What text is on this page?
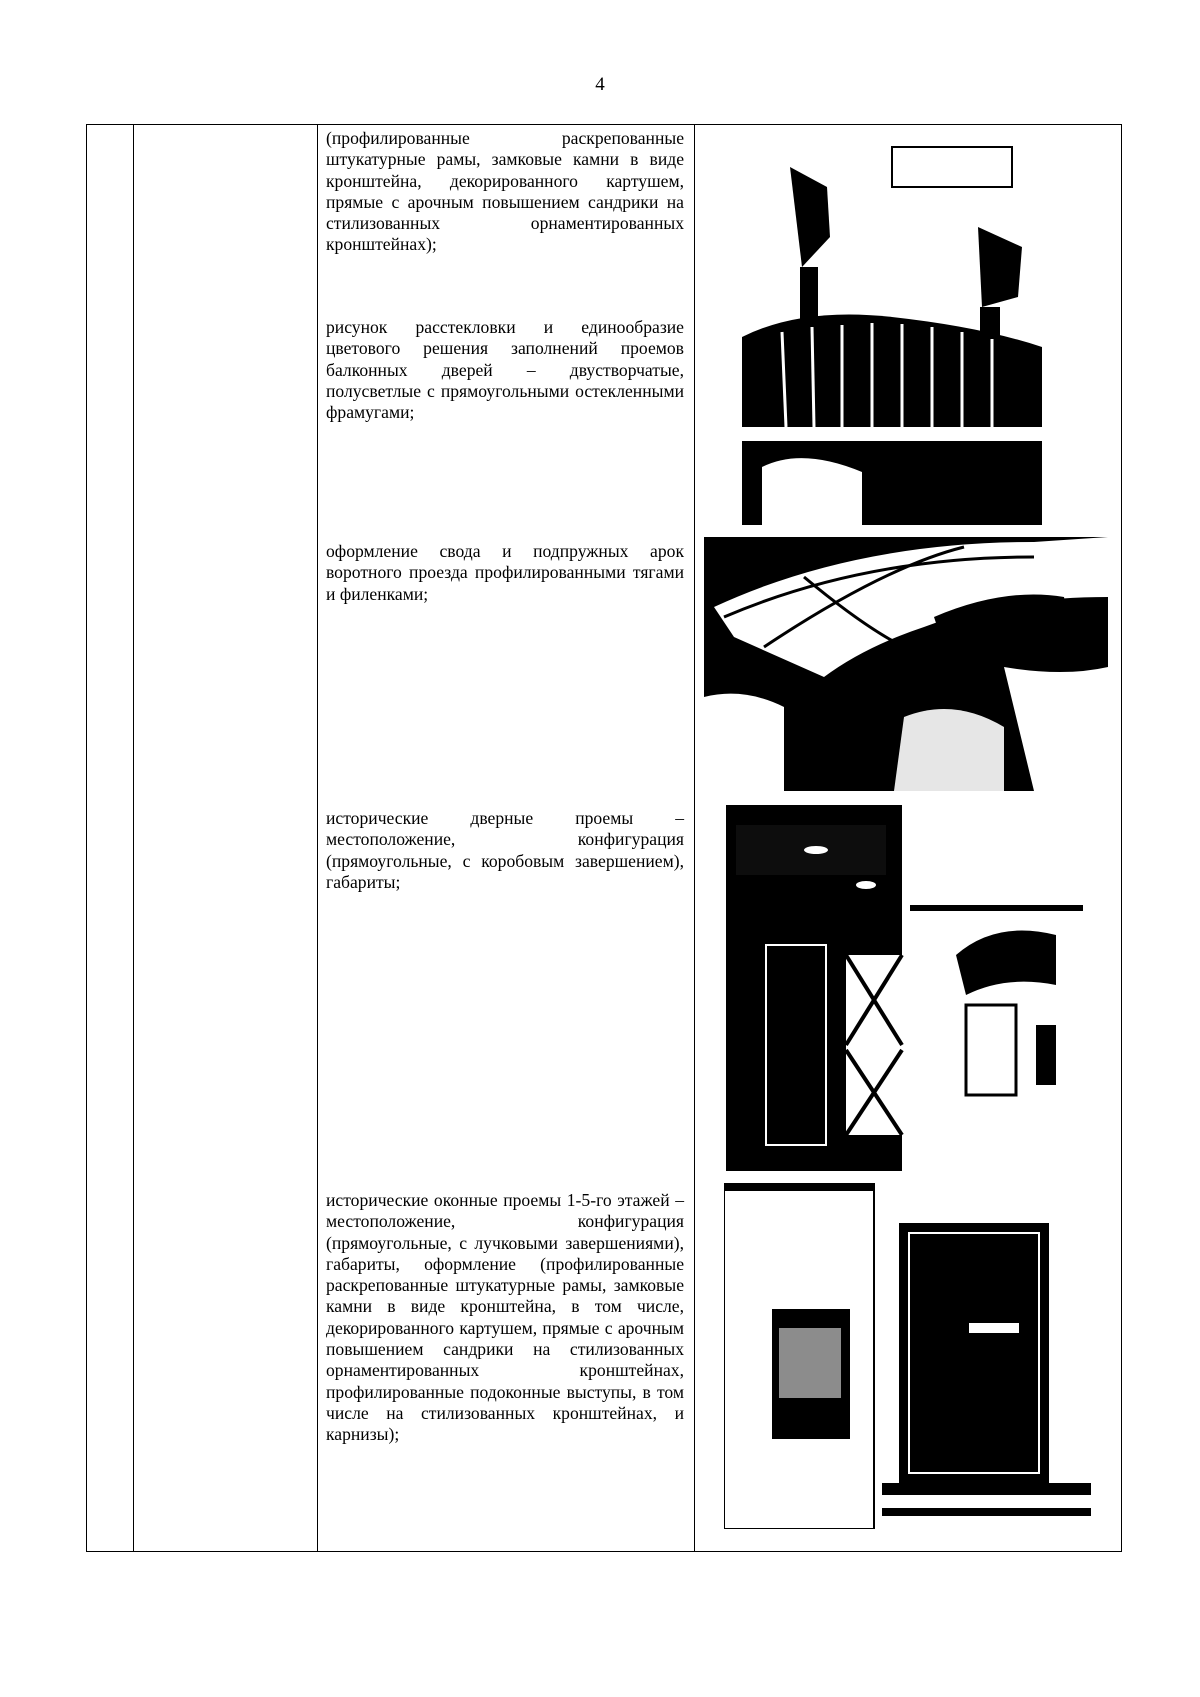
4
(профилированные раскрепованные штукатурные рамы, замковые камни в виде кронштейна, декорированного картушем, прямые с арочным повышением сандрики на стилизованных орнаментированных кронштейнах);
рисунок расстекловки и единообразие цветового решения заполнений проемов балконных дверей – двустворчатые, полусветлые с прямоугольными остекленными фрамугами;
оформление свода и подпружных арок воротного проезда профилированными тягами и филенками;
исторические дверные проемы – местоположение, конфигурация (прямоугольные, с коробовым завершением), габариты;
исторические оконные проемы 1-5-го этажей – местоположение, конфигурация (прямоугольные, с лучковыми завершениями), габариты, оформление (профилированные раскрепованные штукатурные рамы, замковые камни в виде кронштейна, в том числе, декорированного картушем, прямые с арочным повышением сандрики на стилизованных орнаментированных кронштейнах, профилированные подоконные выступы, в том числе на стилизованных кронштейнах, и карнизы);
